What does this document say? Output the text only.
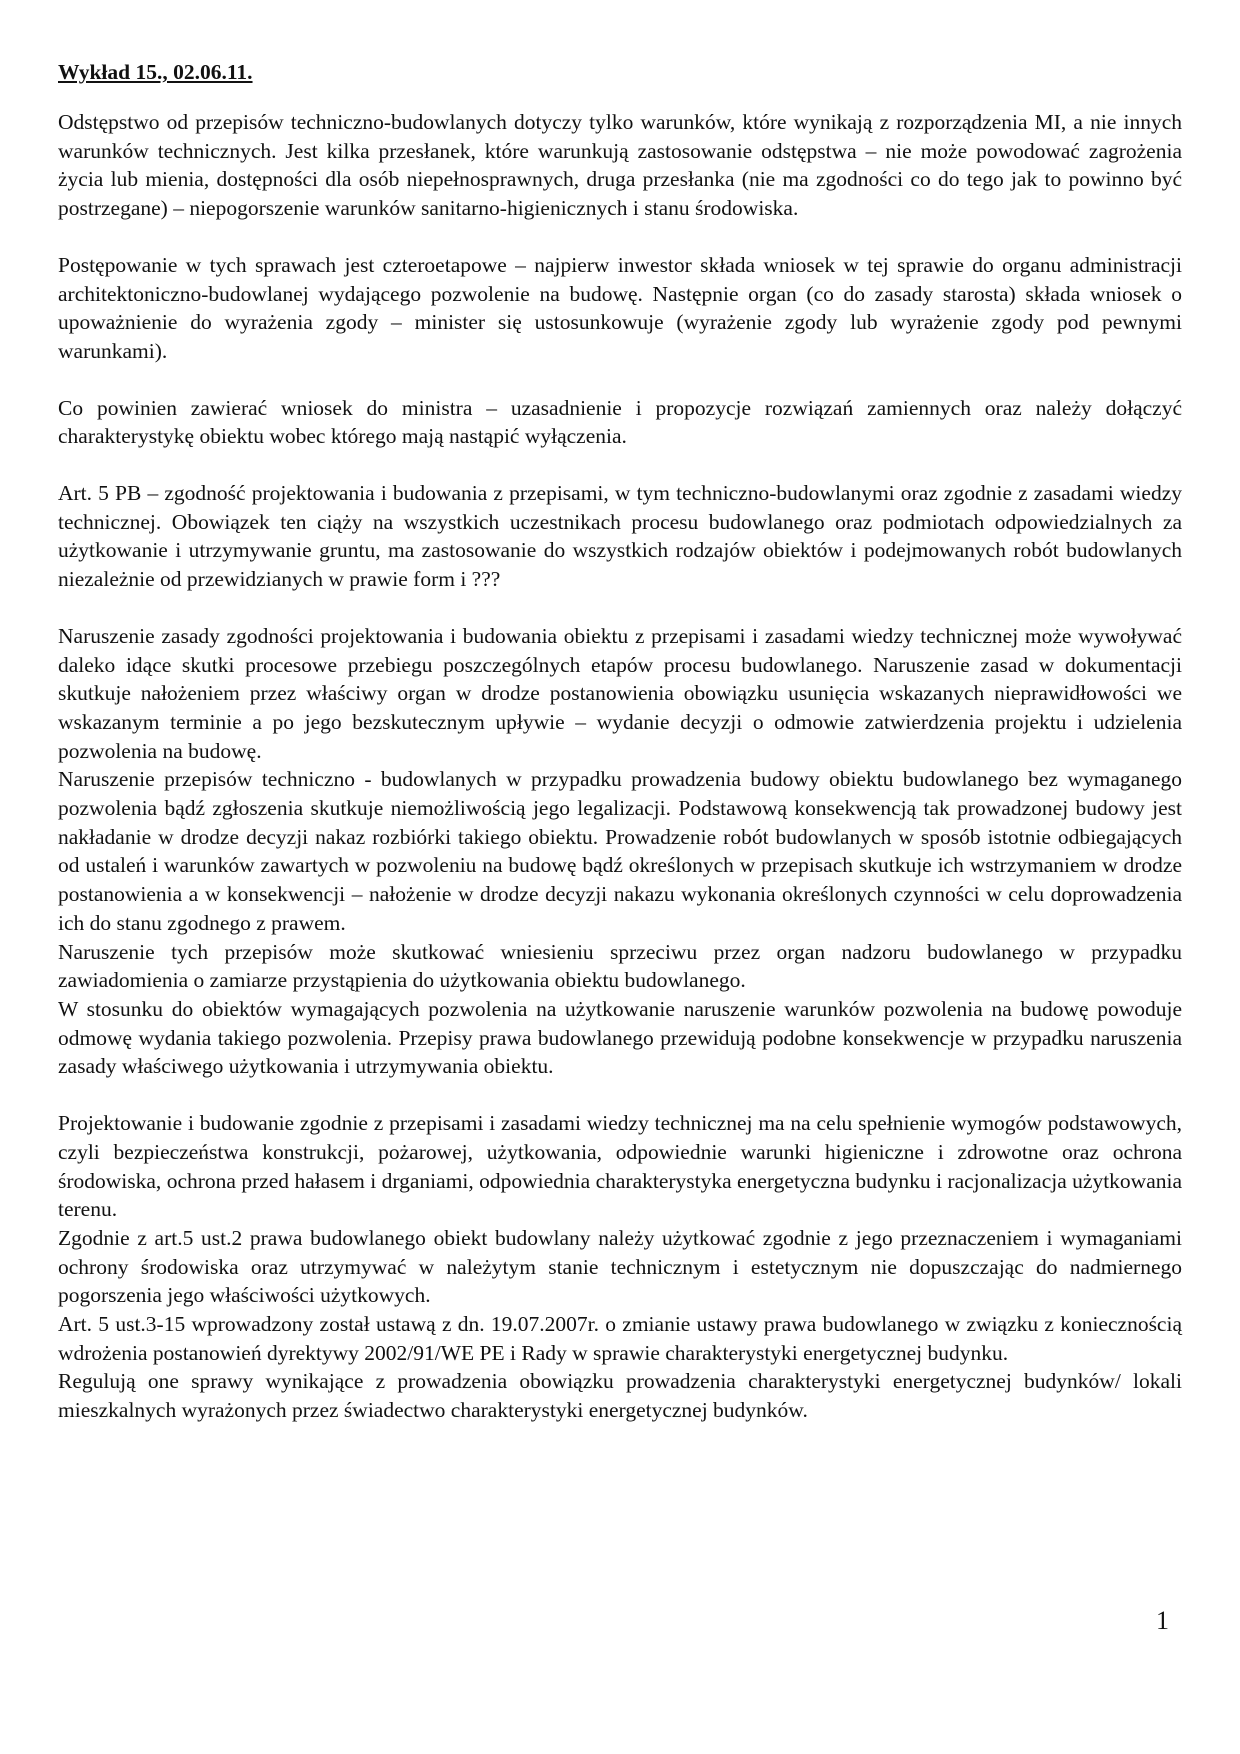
Wykład 15., 02.06.11.

Odstępstwo od przepisów techniczno-budowlanych dotyczy tylko warunków, które wynikają z rozporządzenia MI, a nie innych warunków technicznych. Jest kilka przesłanek, które warunkują zastosowanie odstępstwa – nie może powodować zagrożenia życia lub mienia, dostępności dla osób niepełnosprawnych, druga przesłanka (nie ma zgodności co do tego jak to powinno być postrzegane) – niepogorszenie warunków sanitarno-higienicznych i stanu środowiska.

Postępowanie w tych sprawach jest czteroetapowe – najpierw inwestor składa wniosek w tej sprawie do organu administracji architektoniczno-budowlanej wydającego pozwolenie na budowę. Następnie organ (co do zasady starosta) składa wniosek o upoważnienie do wyrażenia zgody – minister się ustosunkowuje (wyrażenie zgody lub wyrażenie zgody pod pewnymi warunkami).

Co powinien zawierać wniosek do ministra – uzasadnienie i propozycje rozwiązań zamiennych oraz należy dołączyć charakterystykę obiektu wobec którego mają nastąpić wyłączenia.

Art. 5 PB – zgodność projektowania i budowania z przepisami, w tym techniczno-budowlanymi oraz zgodnie z zasadami wiedzy technicznej. Obowiązek ten ciąży na wszystkich uczestnikach procesu budowlanego oraz podmiotach odpowiedzialnych za użytkowanie i utrzymywanie gruntu, ma zastosowanie do wszystkich rodzajów obiektów i podejmowanych robót budowlanych niezależnie od przewidzianych w prawie form i ???

Naruszenie zasady zgodności projektowania i budowania obiektu z przepisami i zasadami wiedzy technicznej może wywoływać daleko idące skutki procesowe przebiegu poszczególnych etapów procesu budowlanego. Naruszenie zasad w dokumentacji skutkuje nałożeniem przez właściwy organ w drodze postanowienia obowiązku usunięcia wskazanych nieprawidłowości we wskazanym terminie a po jego bezskutecznym upływie – wydanie decyzji o odmowie zatwierdzenia projektu i udzielenia pozwolenia na budowę.

Naruszenie przepisów techniczno - budowlanych w przypadku prowadzenia budowy obiektu budowlanego bez wymaganego pozwolenia bądź zgłoszenia skutkuje niemożliwością jego legalizacji. Podstawową konsekwencją tak prowadzonej budowy jest nakładanie w drodze decyzji nakaz rozbiórki takiego obiektu. Prowadzenie robót budowlanych w sposób istotnie odbiegających od ustaleń i warunków zawartych w pozwoleniu na budowę bądź określonych w przepisach skutkuje ich wstrzymaniem w drodze postanowienia a w konsekwencji – nałożenie w drodze decyzji nakazu wykonania określonych czynności w celu doprowadzenia ich do stanu zgodnego z prawem.

Naruszenie tych przepisów może skutkować wniesieniu sprzeciwu przez organ nadzoru budowlanego w przypadku zawiadomienia o zamiarze przystąpienia do użytkowania obiektu budowlanego.

W stosunku do obiektów wymagających pozwolenia na użytkowanie naruszenie warunków pozwolenia na budowę powoduje odmowę wydania takiego pozwolenia. Przepisy prawa budowlanego przewidują podobne konsekwencje w przypadku naruszenia zasady właściwego użytkowania i utrzymywania obiektu.

Projektowanie i budowanie zgodnie z przepisami i zasadami wiedzy technicznej ma na celu spełnienie wymogów podstawowych, czyli bezpieczeństwa konstrukcji, pożarowej, użytkowania, odpowiednie warunki higieniczne i zdrowotne oraz ochrona środowiska, ochrona przed hałasem i drganiami, odpowiednia charakterystyka energetyczna budynku i racjonalizacja użytkowania terenu.

Zgodnie z art.5 ust.2 prawa budowlanego obiekt budowlany należy użytkować zgodnie z jego przeznaczeniem i wymaganiami ochrony środowiska oraz utrzymywać w należytym stanie technicznym i estetycznym nie dopuszczając do nadmiernego pogorszenia jego właściwości użytkowych.

Art. 5 ust.3-15 wprowadzony został ustawą z dn. 19.07.2007r. o zmianie ustawy prawa budowlanego w związku z koniecznością wdrożenia postanowień dyrektywy 2002/91/WE PE i Rady w sprawie charakterystyki energetycznej budynku.

Regulują one sprawy wynikające z prowadzenia obowiązku prowadzenia charakterystyki energetycznej budynków/ lokali mieszkalnych wyrażonych przez świadectwo charakterystyki energetycznej budynków.

1
